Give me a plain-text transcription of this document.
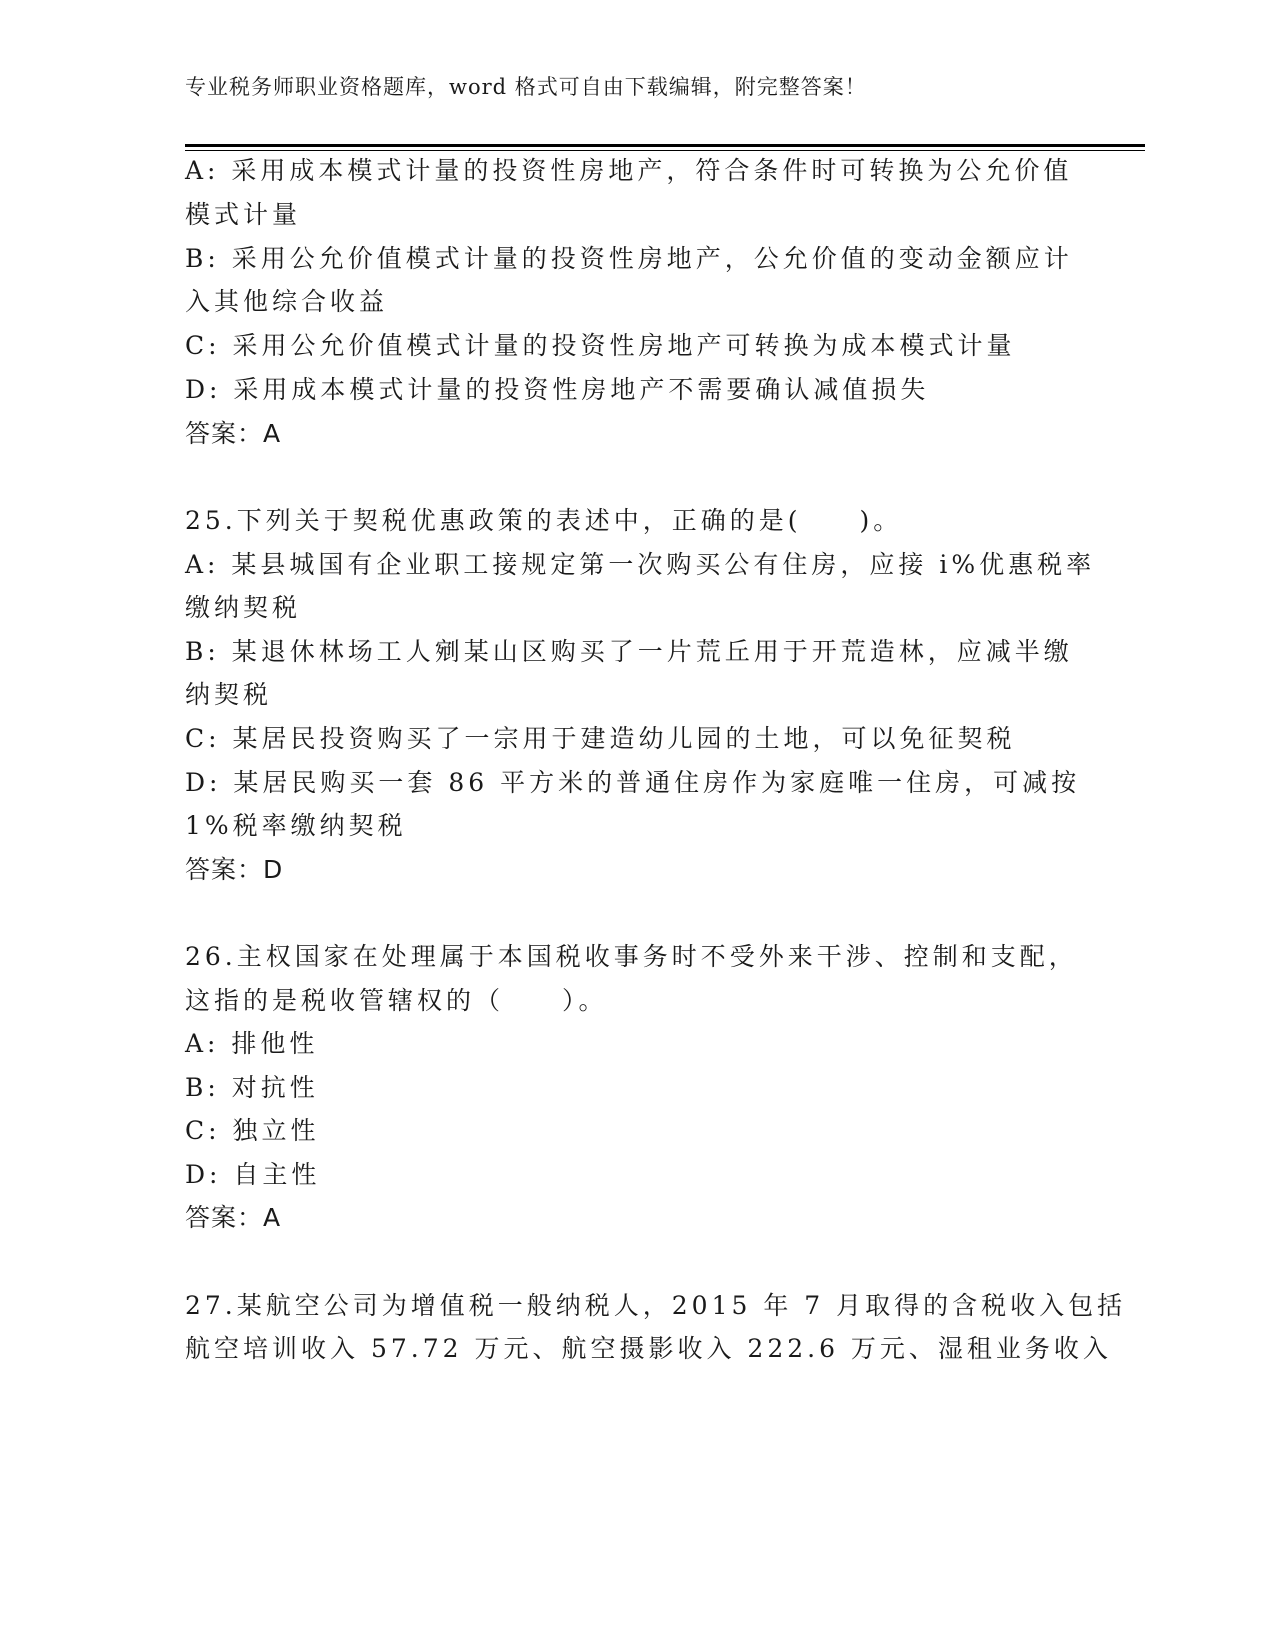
专业税务师职业资格题库，word 格式可自由下载编辑，附完整答案！
A: 采用成本模式计量的投资性房地产，符合条件时可转换为公允价值
模式计量
B: 采用公允价值模式计量的投资性房地产，公允价值的变动金额应计
入其他综合收益
C: 采用公允价值模式计量的投资性房地产可转换为成本模式计量
D: 采用成本模式计量的投资性房地产不需要确认减值损失
答案：A
25.下列关于契税优惠政策的表述中，正确的是(　　)。
A: 某县城国有企业职工接规定第一次购买公有住房，应接 i%优惠税率
缴纳契税
B: 某退休林场工人剜某山区购买了一片荒丘用于开荒造林，应减半缴
纳契税
C: 某居民投资购买了一宗用于建造幼儿园的土地，可以免征契税
D: 某居民购买一套 86 平方米的普通住房作为家庭唯一住房，可减按
1%税率缴纳契税
答案：D
26.主权国家在处理属于本国税收事务时不受外来干涉、控制和支配，
这指的是税收管辖权的（　　）。
A: 排他性
B: 对抗性
C: 独立性
D: 自主性
答案：A
27.某航空公司为增值税一般纳税人，2015 年 7 月取得的含税收入包括
航空培训收入 57.72 万元、航空摄影收入 222.6 万元、湿租业务收入
